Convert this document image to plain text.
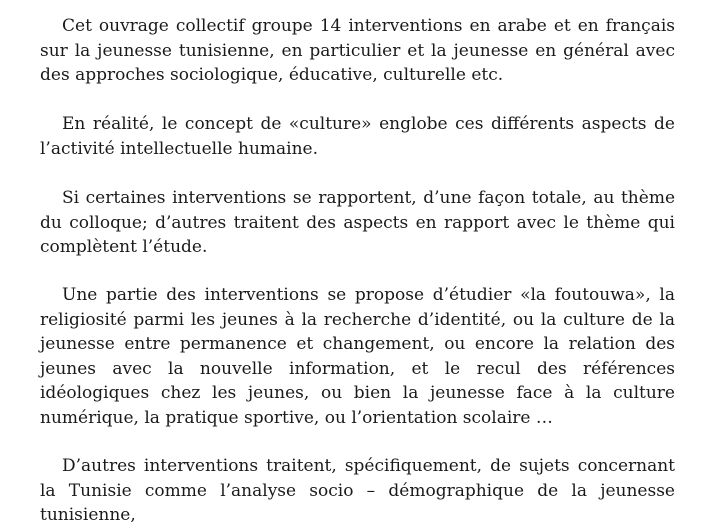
Cet ouvrage collectif groupe 14 interventions en arabe et en français sur la jeunesse tunisienne, en particulier et la jeunesse en général avec des approches sociologique, éducative, culturelle etc.

En réalité, le concept de «culture» englobe ces différents aspects de l’activité intellectuelle humaine.

Si certaines interventions se rapportent, d’une façon totale, au thème du colloque; d’autres traitent des aspects en rapport avec le thème qui complètent l’étude.

Une partie des interventions se propose d’étudier «la foutouwa», la religiosité parmi les jeunes à la recherche d’identité, ou la culture de la jeunesse entre permanence et changement, ou encore la relation des jeunes avec la nouvelle information, et le recul des références idéologiques chez les jeunes, ou bien la jeunesse face à la culture numérique, la pratique sportive, ou l’orientation scolaire …

D’autres interventions traitent, spécifiquement, de sujets concernant la Tunisie comme l’analyse socio – démographique de la jeunesse tunisienne,
